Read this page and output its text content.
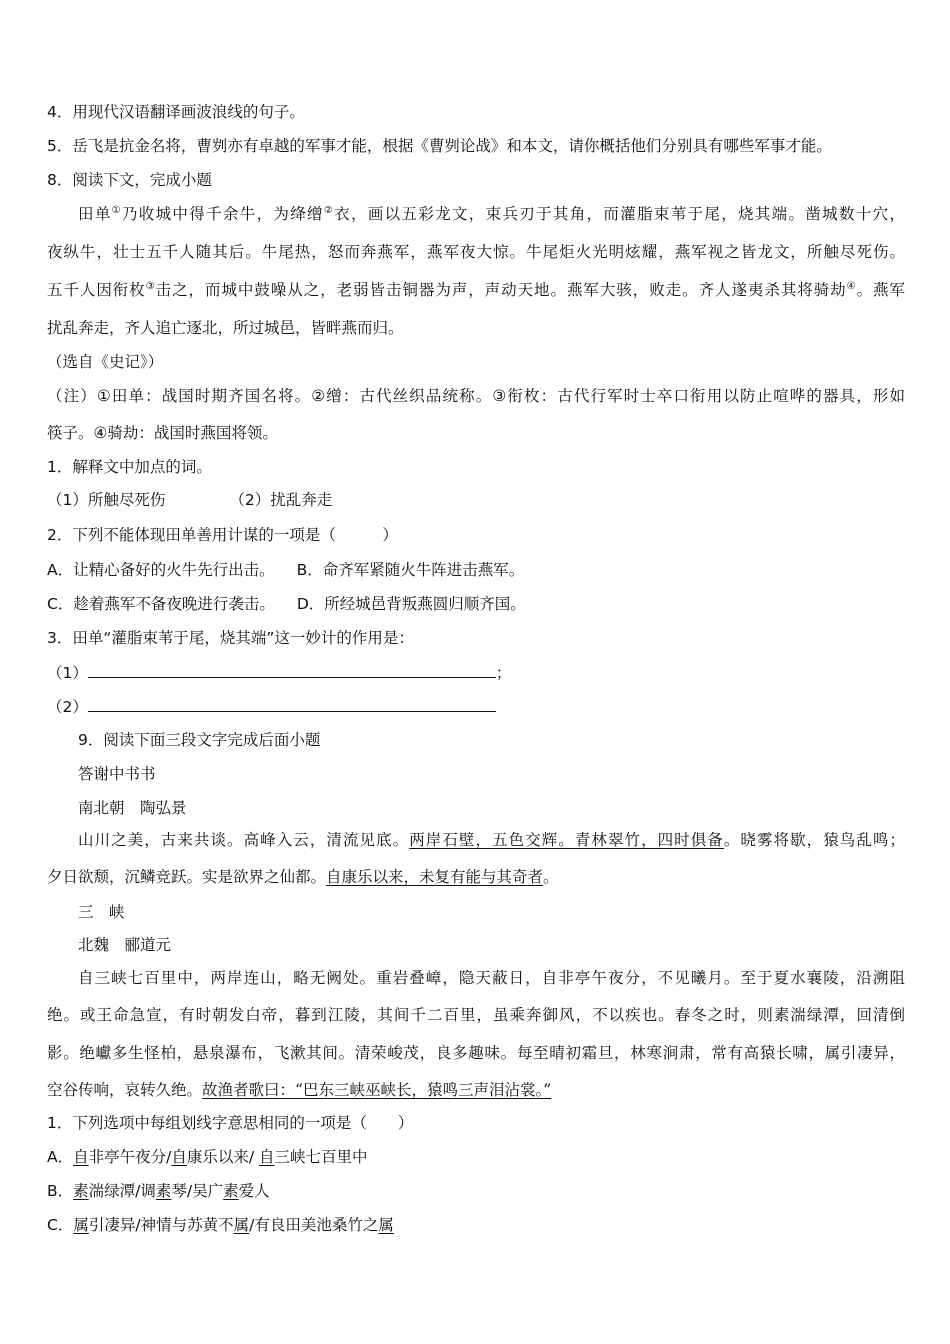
4．用现代汉语翻译画波浪线的句子。
5．岳飞是抗金名将，曹刿亦有卓越的军事才能，根据《曹刿论战》和本文，请你概括他们分别具有哪些军事才能。
8．阅读下文，完成小题
田单①乃收城中得千余牛，为绛缯②衣，画以五彩龙文，束兵刃于其角，而灌脂束苇于尾，烧其端。凿城数十穴，
夜纵牛，壮士五千人随其后。牛尾热，怒而奔燕军，燕军夜大惊。牛尾炬火光明炫耀，燕军视之皆龙文，所触尽死伤。
五千人因衔枚③击之，而城中鼓噪从之，老弱皆击铜器为声，声动天地。燕军大骇，败走。齐人遂夷杀其将骑劫④。燕军
扰乱奔走，齐人追亡逐北，所过城邑，皆畔燕而归。
（选自《史记》）
（注）①田单：战国时期齐国名将。②缯：古代丝织品统称。③衔枚：古代行军时士卒口衔用以防止喧哗的器具，形如
筷子。④骑劫：战国时燕国将领。
1．解释文中加点的词。
（1）所触尽死伤	（2）扰乱奔走
2．下列不能体现田单善用计谋的一项是（　　　）
A．让精心备好的火牛先行出击。 B．命齐军紧随火牛阵进击燕军。
C．趁着燕军不备夜晚进行袭击。 D．所经城邑背叛燕圆归顺齐国。
3．田单“灌脂束苇于尾，烧其端”这一妙计的作用是：
（1）	；
（2）
9．阅读下面三段文字完成后面小题
答谢中书书
南北朝　陶弘景
山川之美，古来共谈。高峰入云，清流见底。两岸石壁，五色交辉。青林翠竹，四时俱备。晓雾将歇，猿鸟乱鸣；
夕日欲颓，沉鳞竞跃。实是欲界之仙都。自康乐以来，未复有能与其奇者。
三　峡
北魏　郦道元
自三峡七百里中，两岸连山，略无阙处。重岩叠嶂，隐天蔽日，自非亭午夜分，不见曦月。至于夏水襄陵，沿溯阻
绝。或王命急宣，有时朝发白帝，暮到江陵，其间千二百里，虽乘奔御风，不以疾也。春冬之时，则素湍绿潭，回清倒
影。绝巘多生怪柏，悬泉瀑布，飞漱其间。清荣峻茂，良多趣味。每至晴初霜旦，林寒涧肃，常有高猿长啸，属引凄异，
空谷传响，哀转久绝。故渔者歌曰：“巴东三峡巫峡长，猿鸣三声泪沾裳。”
1．下列选项中每组划线字意思相同的一项是（　　）
A．自非亭午夜分/自康乐以来/ 自三峡七百里中
B．素湍绿潭/调素琴/吴广素爱人
C．属引凄异/神情与苏黄不属/有良田美池桑竹之属
